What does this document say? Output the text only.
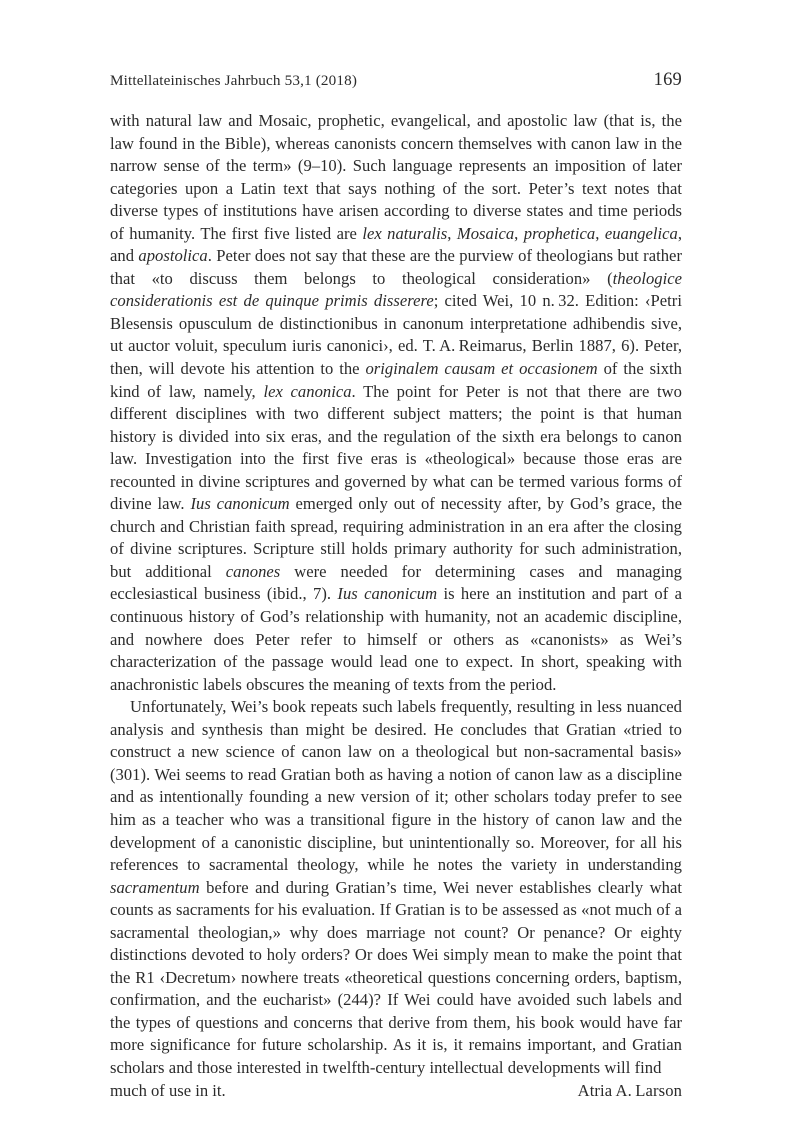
Mittellateinisches Jahrbuch 53,1 (2018)	169

with natural law and Mosaic, prophetic, evangelical, and apostolic law (that is, the law found in the Bible), whereas canonists concern themselves with canon law in the narrow sense of the term» (9–10). Such language represents an imposition of later categories upon a Latin text that says nothing of the sort. Peter’s text notes that diverse types of institutions have arisen according to diverse states and time periods of humanity. The first five listed are lex naturalis, Mosaica, prophetica, euangelica, and apostolica. Peter does not say that these are the purview of theologians but rather that «to discuss them belongs to theological consideration» (theologice considerationis est de quinque primis disserere; cited Wei, 10 n. 32. Edition: ‹Petri Blesensis opusculum de distinctionibus in canonum interpretatione adhibendis sive, ut auctor voluit, speculum iuris canonici›, ed. T. A. Reimarus, Berlin 1887, 6). Peter, then, will devote his attention to the originalem causam et occasionem of the sixth kind of law, namely, lex canonica. The point for Peter is not that there are two different disciplines with two different subject matters; the point is that human history is divided into six eras, and the regulation of the sixth era belongs to canon law. Investigation into the first five eras is «theological» because those eras are recounted in divine scriptures and governed by what can be termed various forms of divine law. Ius canonicum emerged only out of necessity after, by God’s grace, the church and Christian faith spread, requiring administration in an era after the closing of divine scriptures. Scripture still holds primary authority for such administration, but additional canones were needed for determining cases and managing ecclesiastical business (ibid., 7). Ius canonicum is here an institution and part of a continuous history of God’s relationship with humanity, not an academic discipline, and nowhere does Peter refer to himself or others as «canonists» as Wei’s characterization of the passage would lead one to expect. In short, speaking with anachronistic labels obscures the meaning of texts from the period.

Unfortunately, Wei’s book repeats such labels frequently, resulting in less nuanced analysis and synthesis than might be desired. He concludes that Gratian «tried to construct a new science of canon law on a theological but non-sacramental basis» (301). Wei seems to read Gratian both as having a notion of canon law as a discipline and as intentionally founding a new version of it; other scholars today prefer to see him as a teacher who was a transitional figure in the history of canon law and the development of a canonistic discipline, but unintentionally so. Moreover, for all his references to sacramental theology, while he notes the variety in understanding sacramentum before and during Gratian’s time, Wei never establishes clearly what counts as sacraments for his evaluation. If Gratian is to be assessed as «not much of a sacramental theologian,» why does marriage not count? Or penance? Or eighty distinctions devoted to holy orders? Or does Wei simply mean to make the point that the R1 ‹Decretum› nowhere treats «theoretical questions concerning orders, baptism, confirmation, and the eucharist» (244)? If Wei could have avoided such labels and the types of questions and concerns that derive from them, his book would have far more significance for future scholarship. As it is, it remains important, and Gratian scholars and those interested in twelfth-century intellectual developments will find

much of use in it.	Atria A. Larson
